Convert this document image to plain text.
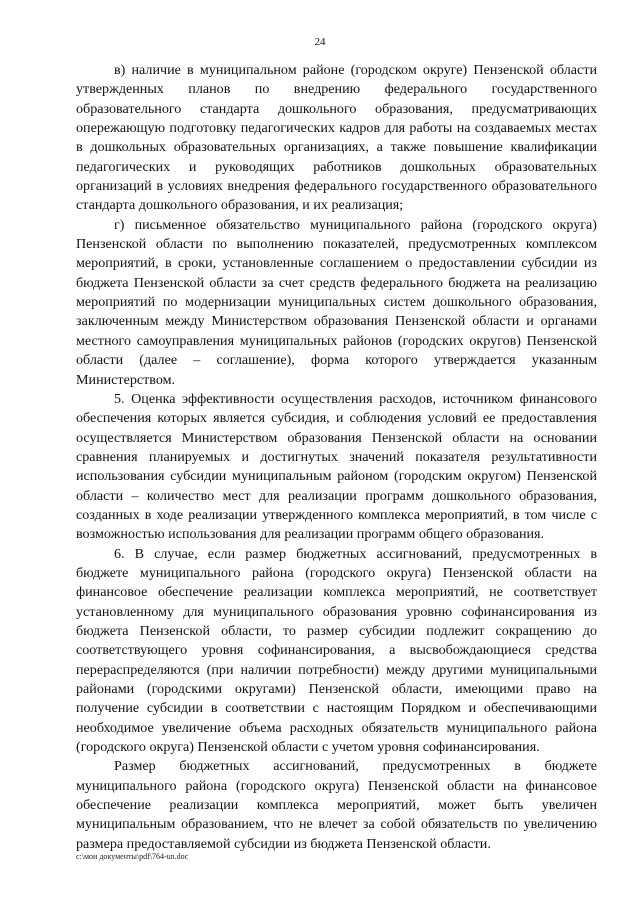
24

в) наличие в муниципальном районе (городском округе) Пензенской области утвержденных планов по внедрению федерального государственного образовательного стандарта дошкольного образования, предусматривающих опережающую подготовку педагогических кадров для работы на создаваемых местах в дошкольных образовательных организациях, а также повышение квалификации педагогических и руководящих работников дошкольных образовательных организаций в условиях внедрения федерального государственного образовательного стандарта дошкольного образования, и их реализация;

г) письменное обязательство муниципального района (городского округа) Пензенской области по выполнению показателей, предусмотренных комплексом мероприятий, в сроки, установленные соглашением о предоставлении субсидии из бюджета Пензенской области за счет средств федерального бюджета на реализацию мероприятий по модернизации муниципальных систем дошкольного образования, заключенным между Министерством образования Пензенской области и органами местного самоуправления муниципальных районов (городских округов) Пензенской области (далее – соглашение), форма которого утверждается указанным Министерством.

5. Оценка эффективности осуществления расходов, источником финансового обеспечения которых является субсидия, и соблюдения условий ее предоставления осуществляется Министерством образования Пензенской области на основании сравнения планируемых и достигнутых значений показателя результативности использования субсидии муниципальным районом (городским округом) Пензенской области – количество мест для реализации программ дошкольного образования, созданных в ходе реализации утвержденного комплекса мероприятий, в том числе с возможностью использования для реализации программ общего образования.

6. В случае, если размер бюджетных ассигнований, предусмотренных в бюджете муниципального района (городского округа) Пензенской области на финансовое обеспечение реализации комплекса мероприятий, не соответствует установленному для муниципального образования уровню софинансирования из бюджета Пензенской области, то размер субсидии подлежит сокращению до соответствующего уровня софинансирования, а высвобождающиеся средства перераспределяются (при наличии потребности) между другими муниципальными районами (городскими округами) Пензенской области, имеющими право на получение субсидии в соответствии с настоящим Порядком и обеспечивающими необходимое увеличение объема расходных обязательств муниципального района (городского округа) Пензенской области с учетом уровня софинансирования.

Размер бюджетных ассигнований, предусмотренных в бюджете муниципального района (городского округа) Пензенской области на финансовое обеспечение реализации комплекса мероприятий, может быть увеличен муниципальным образованием, что не влечет за собой обязательств по увеличению размера предоставляемой субсидии из бюджета Пензенской области.

c:\мои документы\pdf\764-un.doc
